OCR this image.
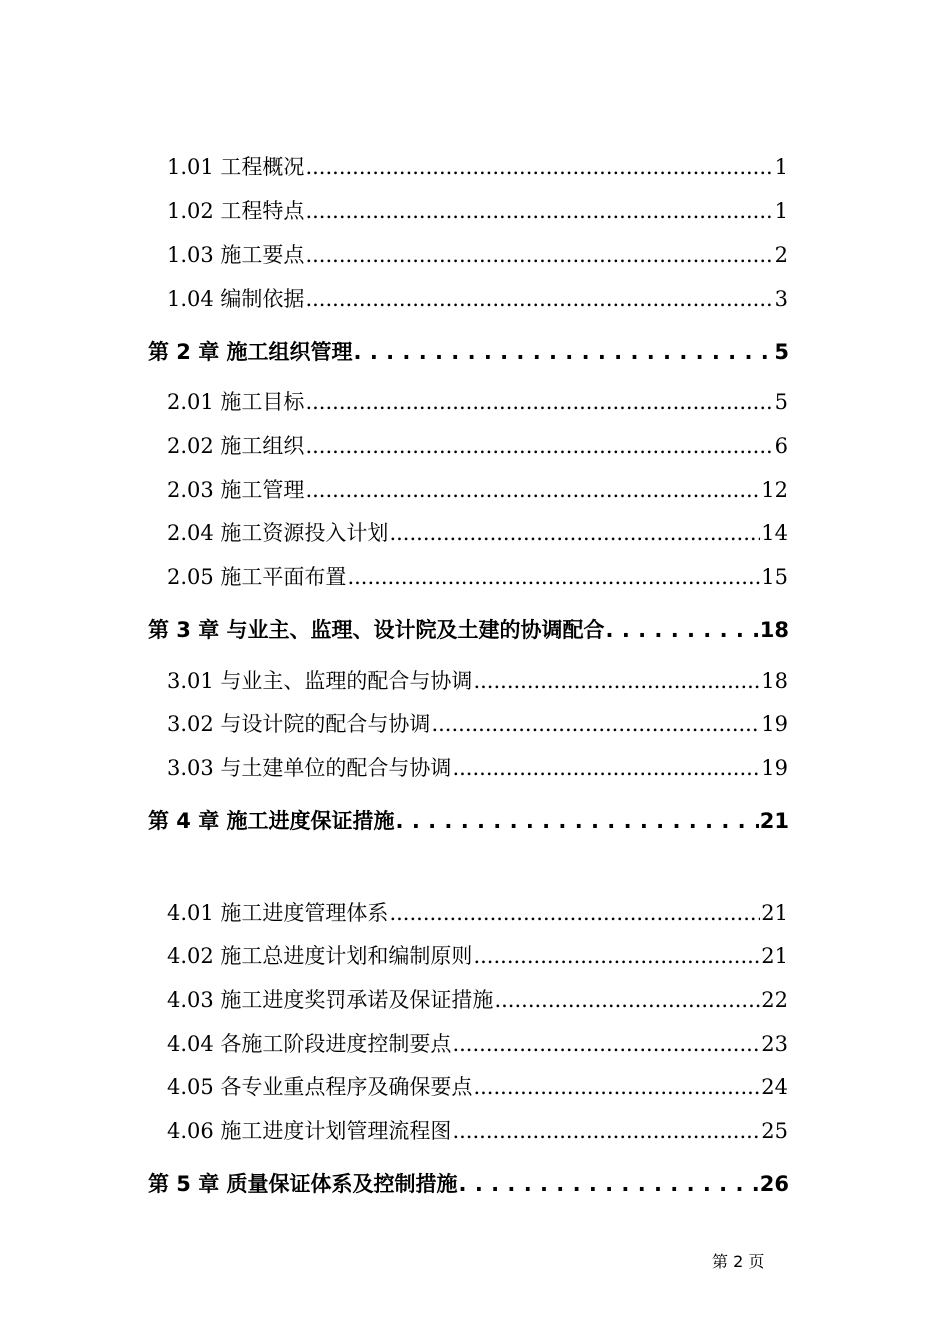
1.01 工程概况 .....	1
1.02 工程特点 .....	1
1.03 施工要点 .....	2
1.04 编制依据 .....	3
第 2 章 施工组织管理 . . .	5
2.01 施工目标 .....	5
2.02 施工组织 .....	6
2.03 施工管理 .....	12
2.04 施工资源投入计划 .....	14
2.05 施工平面布置 .....	15
第 3 章 与业主、监理、设计院及土建的协调配合 . . .	18
3.01 与业主、监理的配合与协调 .....	18
3.02 与设计院的配合与协调 .....	19
3.03 与土建单位的配合与协调 .....	19
第 4 章 施工进度保证措施 . . .	21
4.01 施工进度管理体系 .....	21
4.02 施工总进度计划和编制原则 .....	21
4.03 施工进度奖罚承诺及保证措施 .....	22
4.04 各施工阶段进度控制要点 .....	23
4.05 各专业重点程序及确保要点 .....	24
4.06 施工进度计划管理流程图 .....	25
第 5 章 质量保证体系及控制措施 . . .	26
第 2 页
